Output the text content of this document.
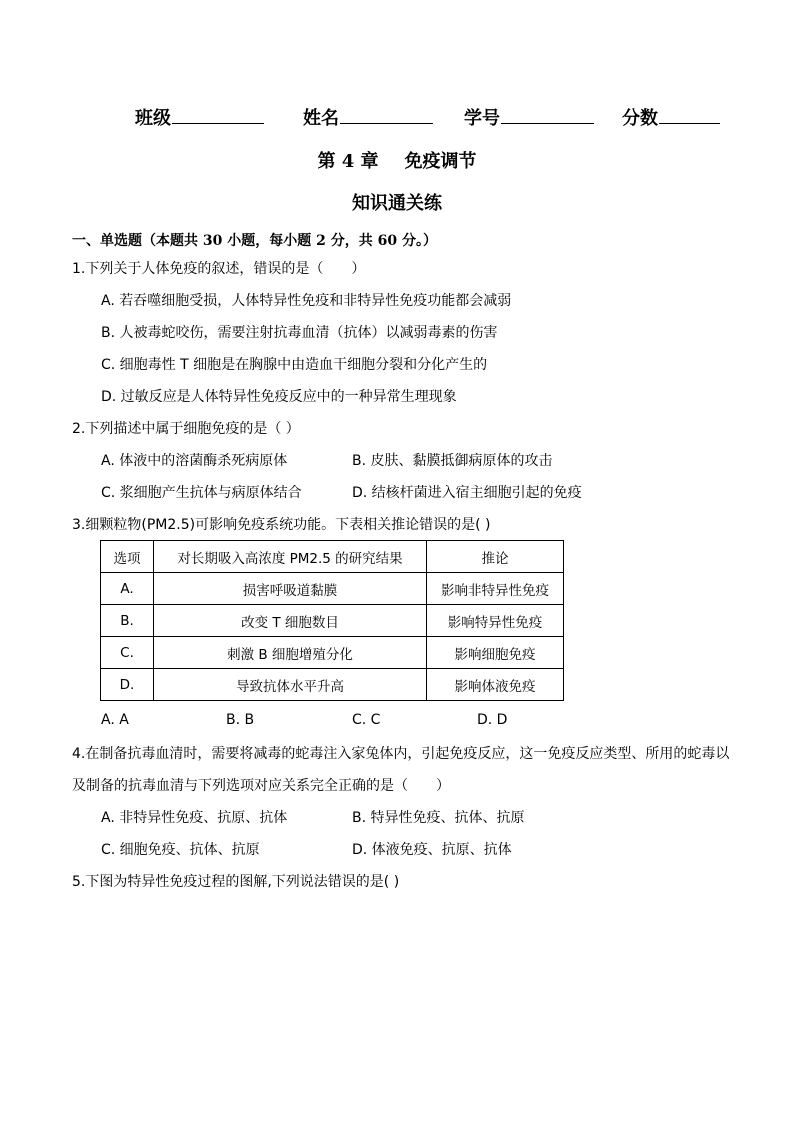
班级	姓名	学号	分数
第 4 章 免疫调节
知识通关练
一、单选题（本题共 30 小题，每小题 2 分，共 60 分。）
1.下列关于人体免疫的叙述，错误的是（　　）
A. 若吞噬细胞受损，人体特异性免疫和非特异性免疫功能都会减弱
B. 人被毒蛇咬伤，需要注射抗毒血清（抗体）以减弱毒素的伤害
C. 细胞毒性 T 细胞是在胸腺中由造血干细胞分裂和分化产生的
D. 过敏反应是人体特异性免疫反应中的一种异常生理现象
2.下列描述中属于细胞免疫的是（ ）
A. 体液中的溶菌酶杀死病原体	B. 皮肤、黏膜抵御病原体的攻击
C. 浆细胞产生抗体与病原体结合	D. 结核杆菌进入宿主细胞引起的免疫
3.细颗粒物(PM2.5)可影响免疫系统功能。下表相关推论错误的是( )
选项	对长期吸入高浓度 PM2.5 的研究结果	推论
A.	损害呼吸道黏膜	影响非特异性免疫
B.	改变 T 细胞数目	影响特异性免疫
C.	刺激 B 细胞增殖分化	影响细胞免疫
D.	导致抗体水平升高	影响体液免疫
A. A	B. B	C. C	D. D
4.在制备抗毒血清时，需要将减毒的蛇毒注入家兔体内，引起免疫反应，这一免疫反应类型、所用的蛇毒以
及制备的抗毒血清与下列选项对应关系完全正确的是（　　）
A. 非特异性免疫、抗原、抗体	B. 特异性免疫、抗体、抗原
C. 细胞免疫、抗体、抗原	D. 体液免疫、抗原、抗体
5.下图为特异性免疫过程的图解,下列说法错误的是( )
